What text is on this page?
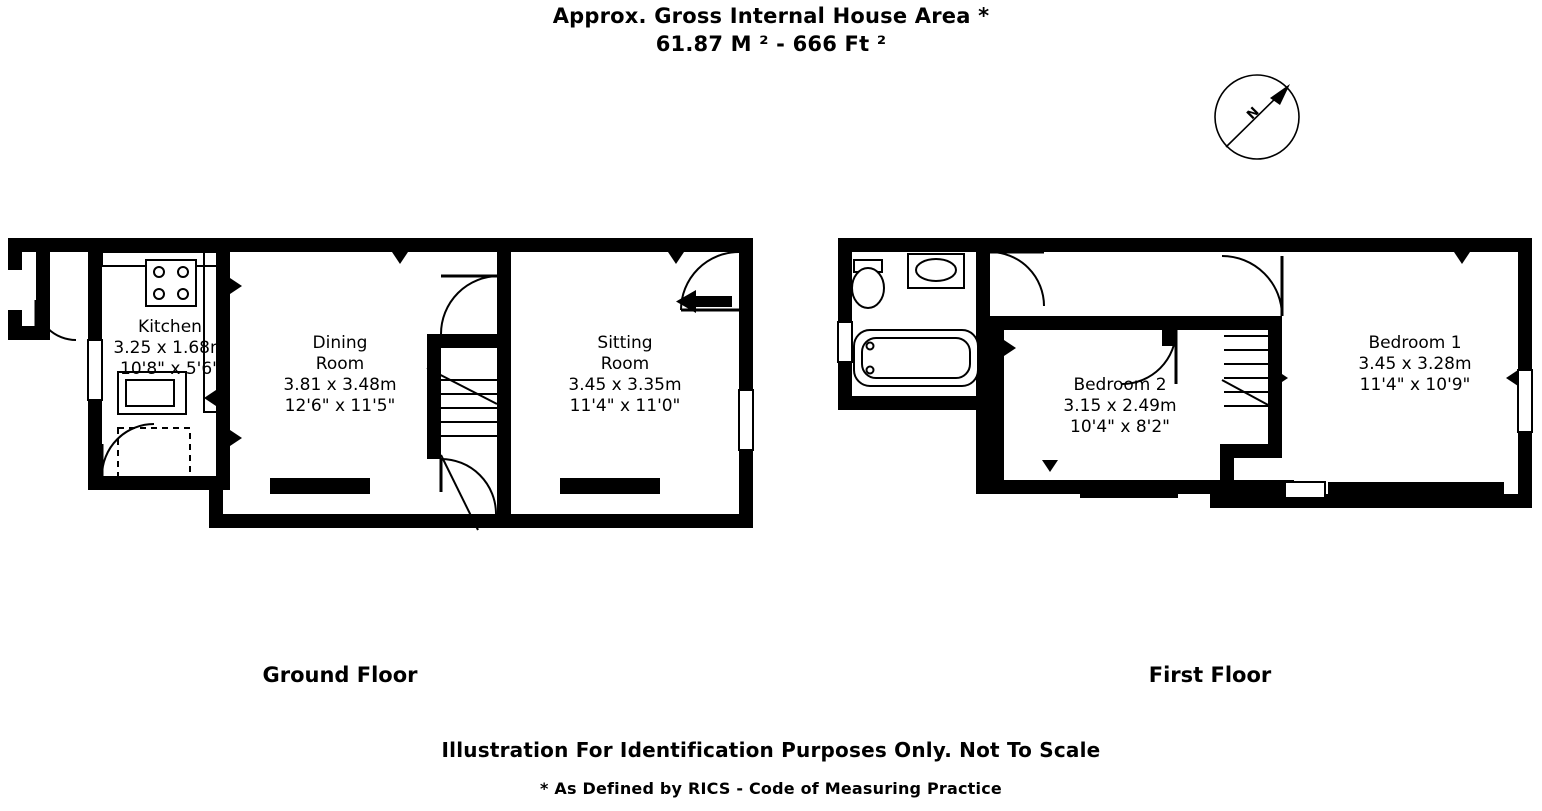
Approx. Gross Internal House Area *
61.87 M ² - 666 Ft ²
N
Kitchen
3.25 x 1.68m
10'8" x 5'6"
Dining
Room
3.81 x 3.48m
12'6" x 11'5"
Sitting
Room
3.45 x 3.35m
11'4" x 11'0"
Bedroom 2
3.15 x 2.49m
10'4" x 8'2"
Bedroom 1
3.45 x 3.28m
11'4" x 10'9"
Ground Floor	First Floor
Illustration For Identification Purposes Only. Not To Scale
* As Defined by RICS - Code of Measuring Practice
